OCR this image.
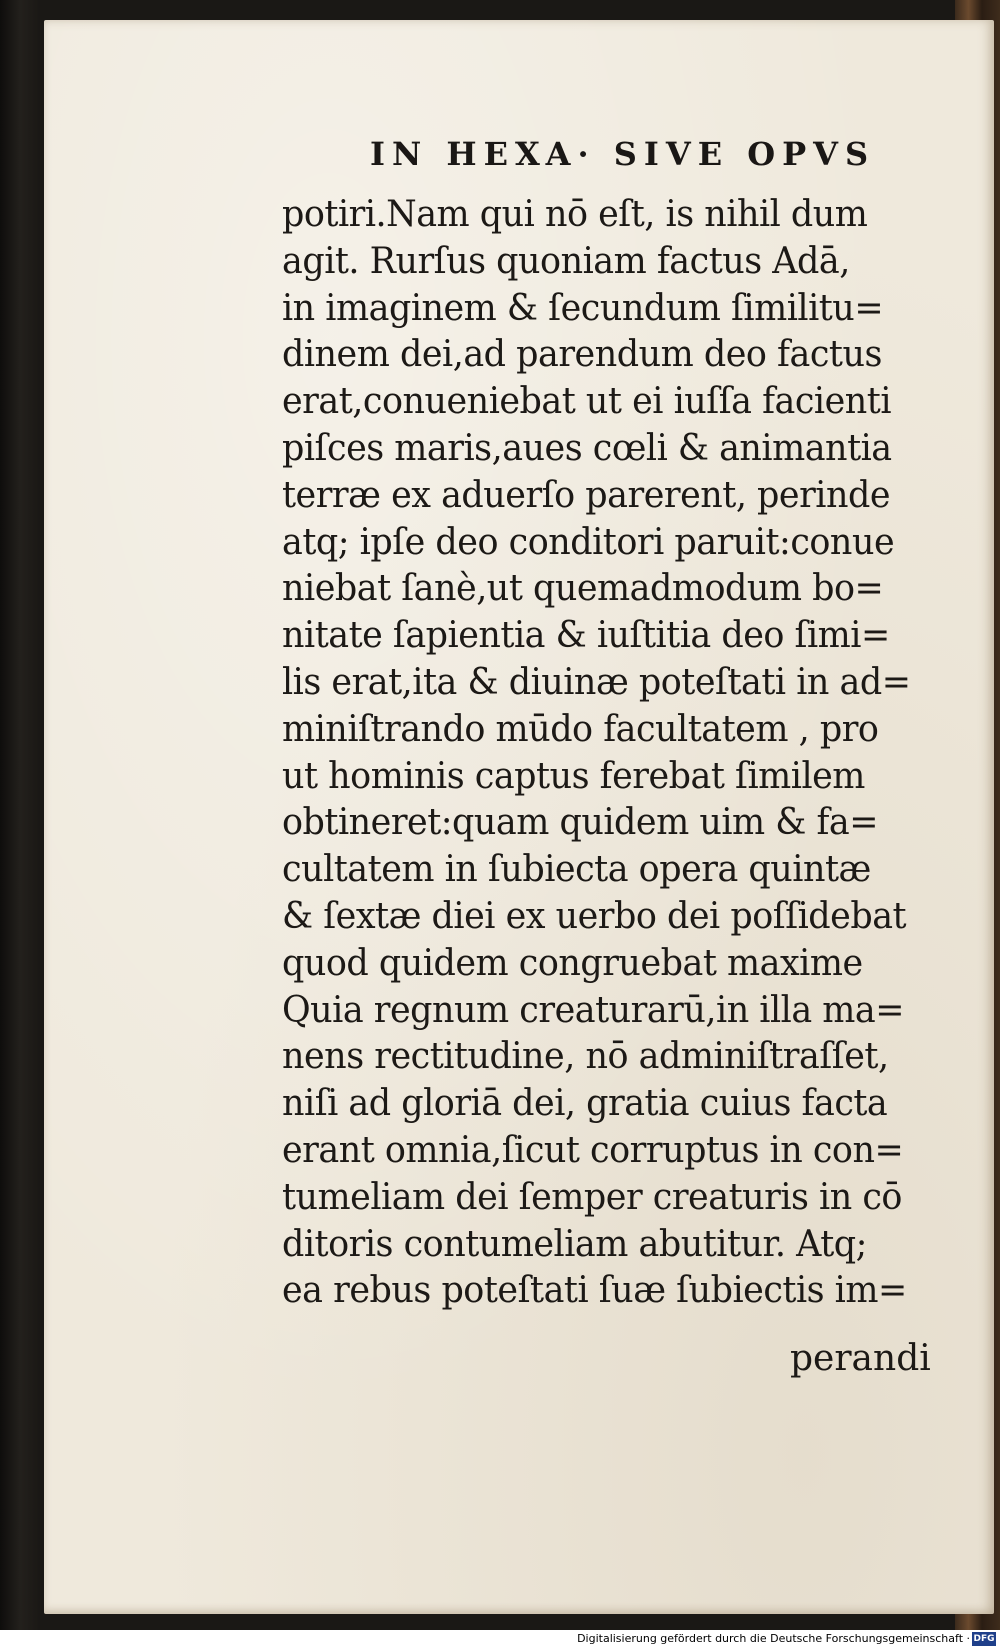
IN HEXA· SIVE OPVS
potiri.Nam qui nō eſt, is nihil dum
agit. Rurſus quoniam factus Adā,
in imaginem & ſecundum ſimilitu=
dinem dei,ad parendum deo factus
erat,conueniebat ut ei iuſſa facienti
piſces maris,aues cœli & animantia
terræ ex aduerſo parerent, perinde
atq; ipſe deo conditori paruit:conue
niebat ſanè,ut quemadmodum bo=
nitate ſapientia & iuſtitia deo ſimi=
lis erat,ita & diuinæ poteſtati in ad=
miniſtrando mūdo facultatem , pro
ut hominis captus ferebat ſimilem
obtineret:quam quidem uim & fa=
cultatem in ſubiecta opera quintæ
& ſextæ diei ex uerbo dei poſſidebat
quod quidem congruebat maxime
Quia regnum creaturarū,in illa ma=
nens rectitudine, nō adminiſtraſſet,
niſi ad gloriā dei, gratia cuius facta
erant omnia,ſicut corruptus in con=
tumeliam dei ſemper creaturis in cō
ditoris contumeliam abutitur. Atq;
ea rebus poteſtati ſuæ ſubiectis im=
perandi
Digitalisierung gefördert durch die Deutsche Forschungsgemeinschaft · DFG
